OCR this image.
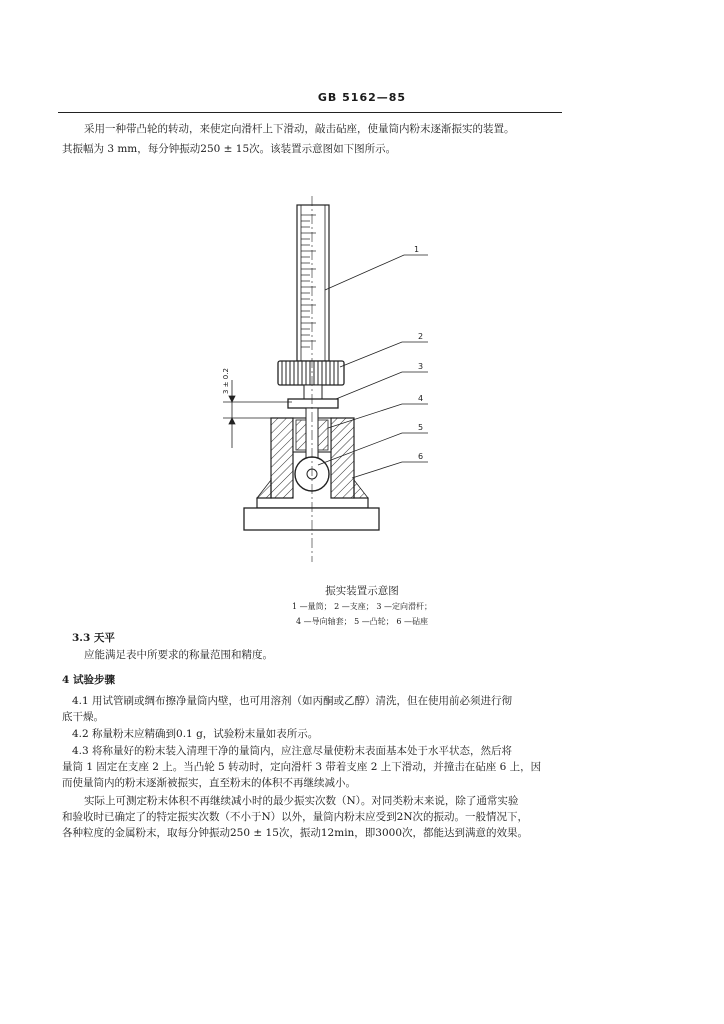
GB 5162—85
采用一种带凸轮的转动，来使定向滑杆上下滑动，敲击砧座，使量筒内粉末逐渐振实的装置。
其振幅为 3 mm，每分钟振动250 ± 15次。该装置示意图如下图所示。
3 ± 0.2
1
2
3
4
5
6
振实装置示意图
1 —量筒； 2 —支座； 3 —定向滑杆；
4 —导向轴套； 5 —凸轮； 6 —砧座
3.3 天平
应能满足表中所要求的称量范围和精度。
4 试验步骤
4.1 用试管刷或绸布擦净量筒内壁，也可用溶剂（如丙酮或乙醇）清洗，但在使用前必须进行彻
底干燥。
4.2 称量粉末应精确到0.1 g，试验粉末量如表所示。
4.3 将称量好的粉末装入清理干净的量筒内，应注意尽量使粉末表面基本处于水平状态，然后将
量筒 1 固定在支座 2 上。当凸轮 5 转动时，定向滑杆 3 带着支座 2 上下滑动，并撞击在砧座 6 上，因
而使量筒内的粉末逐渐被振实，直至粉末的体积不再继续减小。
实际上可测定粉末体积不再继续减小时的最少振实次数（N）。对同类粉末来说，除了通常实验
和验收时已确定了的特定振实次数（不小于N）以外，量筒内粉末应受到2N次的振动。一般情况下，
各种粒度的金属粉末，取每分钟振动250 ± 15次，振动12min，即3000次，都能达到满意的效果。
